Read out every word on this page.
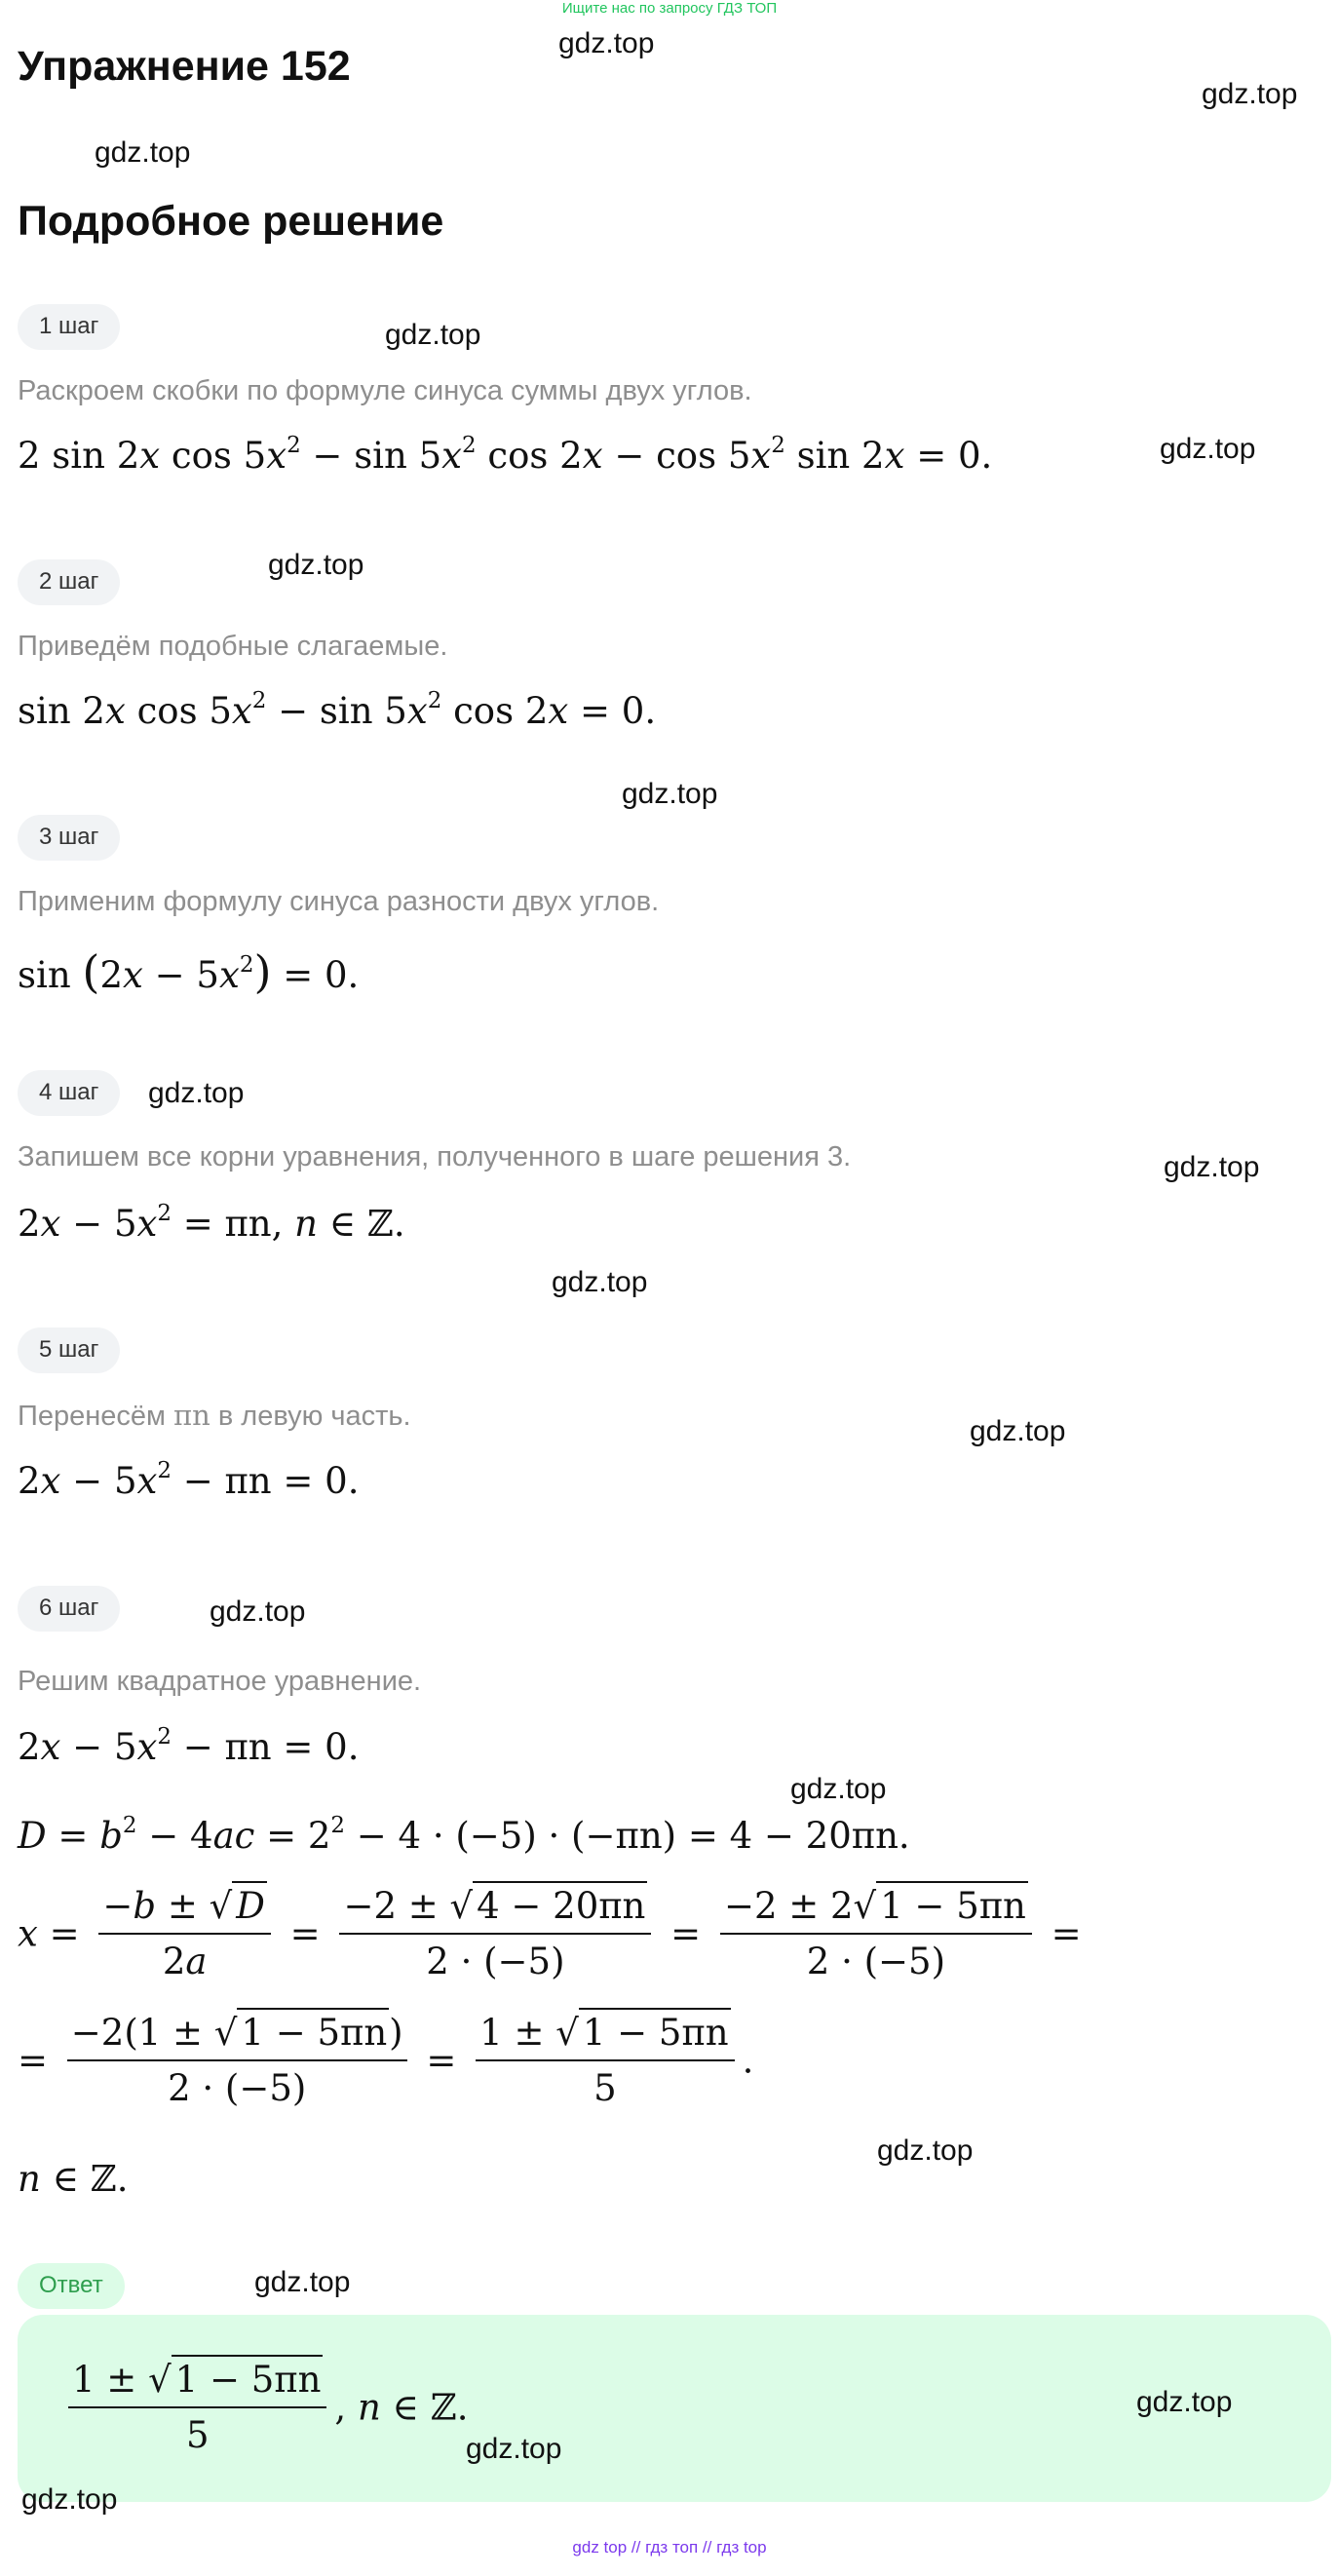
Ищите нас по запросу ГДЗ ТОП
Упражнение 152
Подробное решение
gdz.top
gdz.top
gdz.top
gdz.top
gdz.top
gdz.top
gdz.top
gdz.top
gdz.top
gdz.top
gdz.top
gdz.top
gdz.top
gdz.top
gdz.top
1 шаг
Раскроем скобки по формуле синуса суммы двух углов.
2 sin 2x $\cos 5x^2 - \sin 5x^2$ $\cos 2x - \cos 5x^2$ sin 2x = 0.
2 шаг
Приведём подобные слагаемые.
sin 2x $\cos 5x^2 - \sin 5x^2$ cos 2x = 0.
3 шаг
Применим формулу синуса разности двух углов.
$\sin (2x - 5x^2) = 0$.
4 шаг
Запишем все корни уравнения, полученного в шаге решения 3.
$2x - 5x^2 = \pi n$, n ∈ ℤ.
5 шаг
Перенесём πn в левую часть.
$2x - 5x^2 - \pi n = 0$.
6 шаг
Решим квадратное уравнение.
$2x - 5x^2 - \pi n = 0$.
$D = b^2 - 4ac = 2^2 - 4 \cdot (-5) \cdot (-\pi n) = 4 - 20\pi n$.
$x = \frac{-b \pm √ D}{2a} = \frac{-2 \pm √ 4 - 20\pi n}{2 \cdot (-5)} = \frac{-2 \pm 2√ 1 - 5\pi n}{2 \cdot (-5)}$ =
= $\frac{-2(1 \pm √ 1 - 5\pi n)}{2 \cdot (-5)} = \frac{1 \pm √ 1 - 5\pi n}{5}$ .
n ∈ ℤ.
Ответ
$\frac{1 \pm √ 1 - 5\pi n}{5}$ , n ∈ ℤ.	gdz.top
gdz.top
gdz.top
gdz top // гдз топ // гдз top
